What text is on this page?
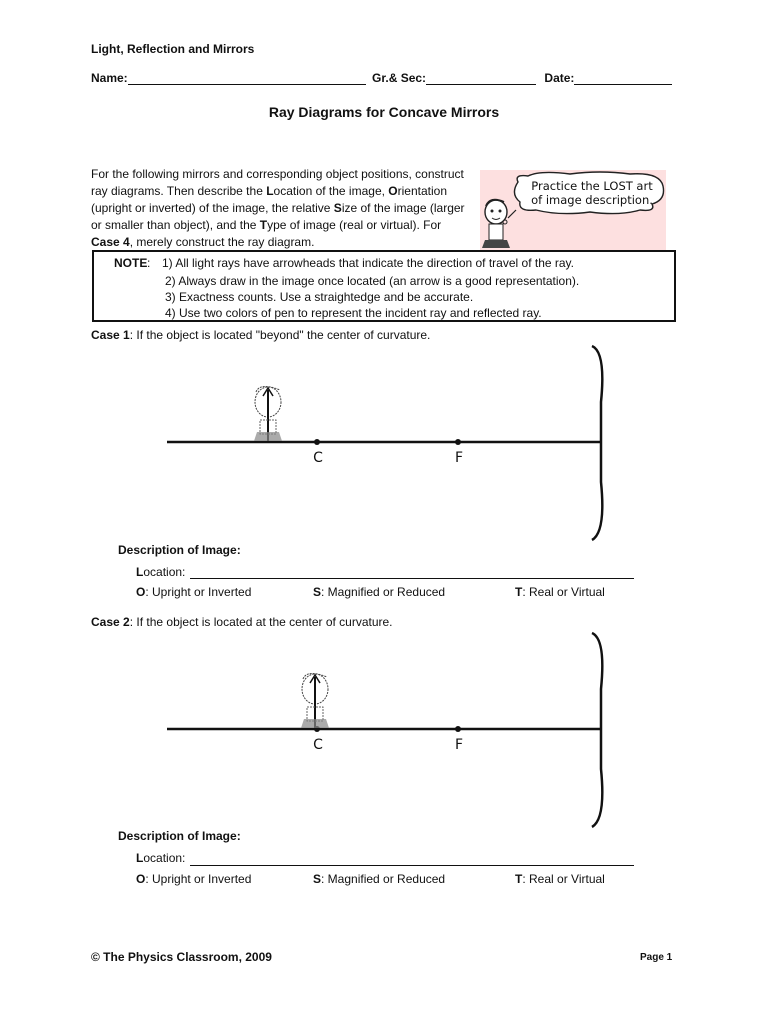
Light, Reflection and Mirrors
Name:	Gr.& Sec:	Date:
Ray Diagrams for Concave Mirrors
For the following mirrors and corresponding object positions, construct ray diagrams. Then describe the Location of the image, Orientation (upright or inverted) of the image, the relative Size of the image (larger or smaller than object), and the Type of image (real or virtual). For Case 4, merely construct the ray diagram.
Practice the LOST art
of image description.
NOTE : 1) All light rays have arrowheads that indicate the direction of travel of the ray.
2) Always draw in the image once located (an arrow is a good representation).
3) Exactness counts. Use a straightedge and be accurate.
4) Use two colors of pen to represent the incident ray and reflected ray.
Case 1: If the object is located "beyond" the center of curvature.
C	F
Description of Image:
Location:
O: Upright or Inverted	S: Magnified or Reduced	T: Real or Virtual
Case 2: If the object is located at the center of curvature.
C	F
Description of Image:
Location:
O: Upright or Inverted	S: Magnified or Reduced	T: Real or Virtual
© The Physics Classroom, 2009	Page 1
